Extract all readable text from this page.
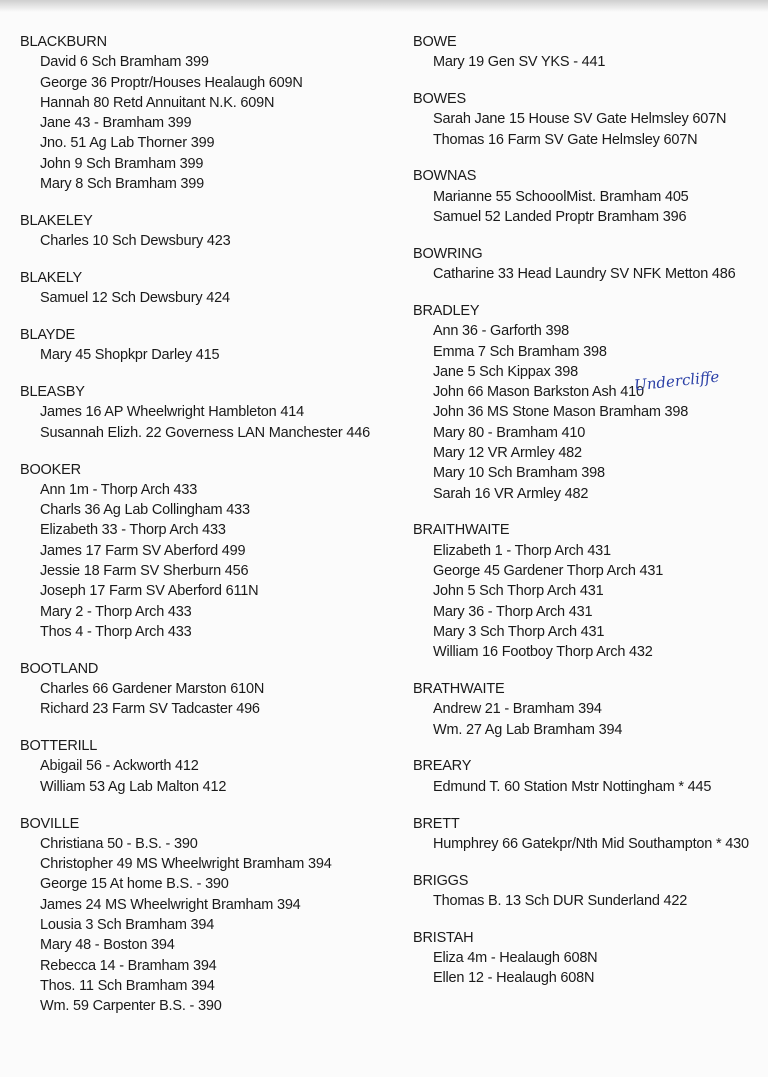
BLACKBURN
David 6 Sch Bramham 399
George 36 Proptr/Houses Healaugh 609N
Hannah 80 Retd Annuitant N.K. 609N
Jane 43 - Bramham 399
Jno. 51 Ag Lab Thorner 399
John 9 Sch Bramham 399
Mary 8 Sch Bramham 399
BLAKELEY
Charles 10 Sch Dewsbury 423
BLAKELY
Samuel 12 Sch Dewsbury 424
BLAYDE
Mary 45 Shopkpr Darley 415
BLEASBY
James 16 AP Wheelwright Hambleton 414
Susannah Elizh. 22 Governess LAN Manchester 446
BOOKER
Ann 1m - Thorp Arch 433
Charls 36 Ag Lab Collingham 433
Elizabeth 33 - Thorp Arch 433
James 17 Farm SV Aberford 499
Jessie 18 Farm SV Sherburn 456
Joseph 17 Farm SV Aberford 611N
Mary 2 - Thorp Arch 433
Thos 4 - Thorp Arch 433
BOOTLAND
Charles 66 Gardener Marston 610N
Richard 23 Farm SV Tadcaster 496
BOTTERILL
Abigail 56 - Ackworth 412
William 53 Ag Lab Malton 412
BOVILLE
Christiana 50 - B.S. - 390
Christopher 49 MS Wheelwright Bramham 394
George 15 At home B.S. - 390
James 24 MS Wheelwright Bramham 394
Lousia 3 Sch Bramham 394
Mary 48 - Boston 394
Rebecca 14 - Bramham 394
Thos. 11 Sch Bramham 394
Wm. 59 Carpenter B.S. - 390
BOWE
Mary 19 Gen SV YKS - 441
BOWES
Sarah Jane 15 House SV Gate Helmsley 607N
Thomas 16 Farm SV Gate Helmsley 607N
BOWNAS
Marianne 55 SchooolMist. Bramham 405
Samuel 52 Landed Proptr Bramham 396
BOWRING
Catharine 33 Head Laundry SV NFK Metton 486
BRADLEY
Ann 36 - Garforth 398
Emma 7 Sch Bramham 398
Jane 5 Sch Kippax 398
John 66 Mason Barkston Ash 410
John 36 MS Stone Mason Bramham 398
Mary 80 - Bramham 410
Mary 12 VR Armley 482
Mary 10 Sch Bramham 398
Sarah 16 VR Armley 482
BRAITHWAITE
Elizabeth 1 - Thorp Arch 431
George 45 Gardener Thorp Arch 431
John 5 Sch Thorp Arch 431
Mary 36 - Thorp Arch 431
Mary 3 Sch Thorp Arch 431
William 16 Footboy Thorp Arch 432
BRATHWAITE
Andrew 21 - Bramham 394
Wm. 27 Ag Lab Bramham 394
BREARY
Edmund T. 60 Station Mstr Nottingham * 445
BRETT
Humphrey 66 Gatekpr/Nth Mid Southampton * 430
BRIGGS
Thomas B. 13 Sch DUR Sunderland 422
BRISTAH
Eliza 4m - Healaugh 608N
Ellen 12 - Healaugh 608N
Undercliffe
